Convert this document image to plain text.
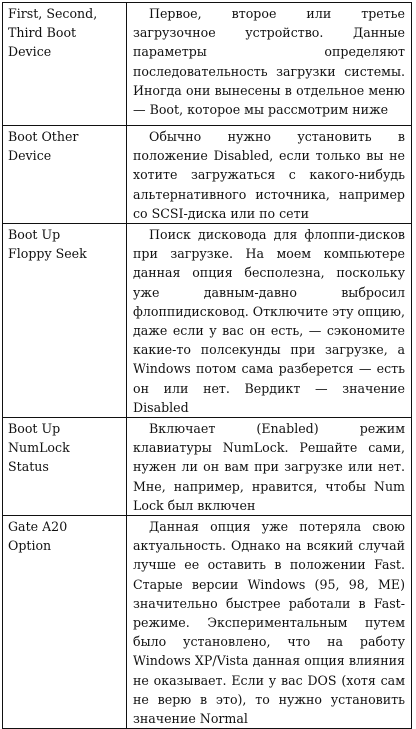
First, Second,
Third Boot
Device	Первое, второе или третье загрузочное устройство. Данные параметры определяют последовательность загрузки системы. Иногда они вынесены в отдельное меню — Boot, которое мы рассмотрим ниже

Boot Other
Device	Обычно нужно установить в положение Disabled, если только вы не хотите загружаться с какого-нибудь альтернативного источника, например со SCSI-диска или по сети

Boot Up
Floppy Seek	Поиск дисковода для флоппи-дисков при загрузке. На моем компьютере данная опция бесполезна, поскольку уже давным-давно выбросил флоппидисковод. Отключите эту опцию, даже если у вас он есть, — сэкономите какие-то полсекунды при загрузке, а Windows потом сама разберется — есть он или нет. Вердикт — значение Disabled

Boot Up
NumLock
Status	Включает (Enabled) режим клавиатуры NumLock. Решайте сами, нужен ли он вам при загрузке или нет. Мне, например, нравится, чтобы Num Lock был включен

Gate A20
Option	Данная опция уже потеряла свою актуальность. Однако на всякий случай лучше ее оставить в положении Fast. Старые версии Windows (95, 98, ME) значительно быстрее работали в Fast-режиме. Экспериментальным путем было установлено, что на работу Windows XP/Vista данная опция влияния не оказывает. Если у вас DOS (хотя сам не верю в это), то нужно установить значение Normal
